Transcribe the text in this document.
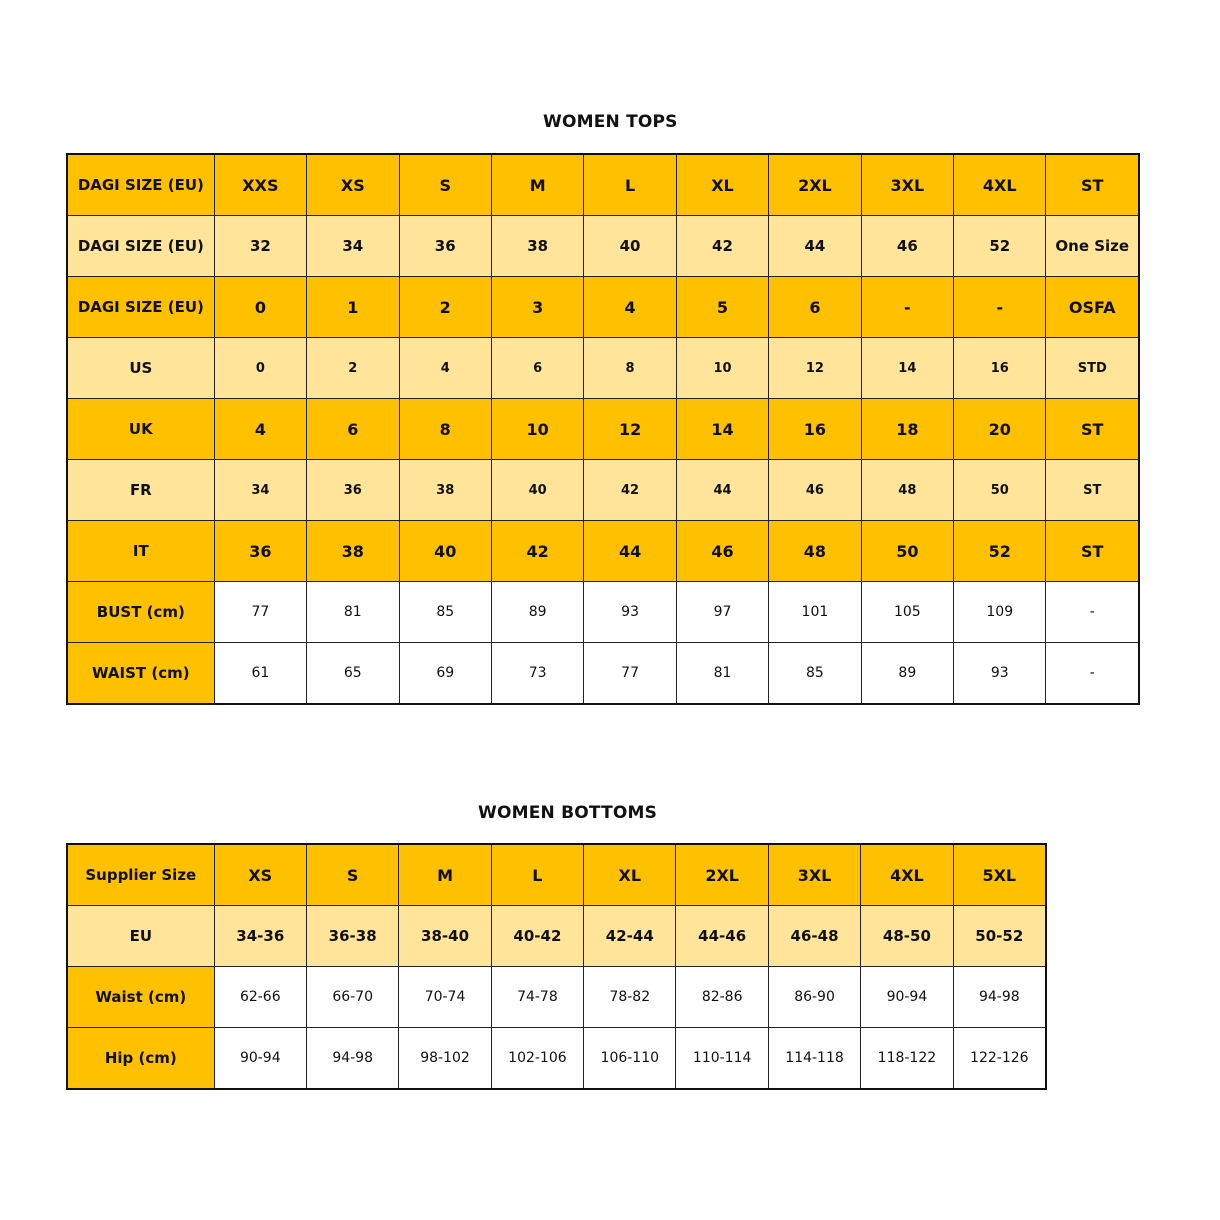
WOMEN TOPS
DAGI SIZE (EU)	XXS	XS	S	M	L	XL	2XL	3XL	4XL	ST
DAGI SIZE (EU)	32	34	36	38	40	42	44	46	52	One Size
DAGI SIZE (EU)	0	1	2	3	4	5	6	-	-	OSFA
US	0	2	4	6	8	10	12	14	16	STD
UK	4	6	8	10	12	14	16	18	20	ST
FR	34	36	38	40	42	44	46	48	50	ST
IT	36	38	40	42	44	46	48	50	52	ST
BUST (cm)	77	81	85	89	93	97	101	105	109	-
WAIST (cm)	61	65	69	73	77	81	85	89	93	-
WOMEN BOTTOMS
Supplier Size	XS	S	M	L	XL	2XL	3XL	4XL	5XL
EU	34-36	36-38	38-40	40-42	42-44	44-46	46-48	48-50	50-52
Waist (cm)	62-66	66-70	70-74	74-78	78-82	82-86	86-90	90-94	94-98
Hip (cm)	90-94	94-98	98-102	102-106	106-110	110-114	114-118	118-122	122-126
